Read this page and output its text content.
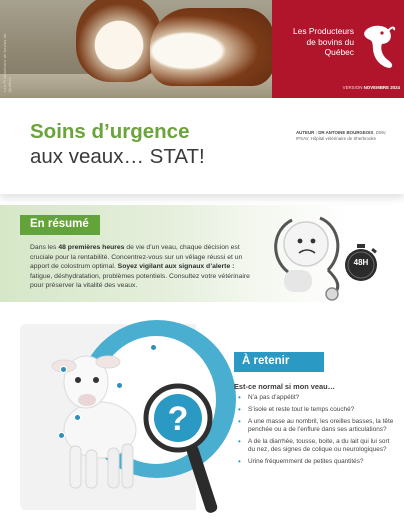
Les Producteurs de bovins du Québec
Les Producteurs de bovins du Québec
VERSION NOVEMBRE 2024
Soins d’urgence
aux veaux… STAT!
AUTEUR : DR ANTOINE BOURGEOIS, DMV, IPSAV, Hôpital vétérinaire de Sherbrooke
En résumé
Dans les 48 premières heures de vie d’un veau, chaque décision est cruciale pour la rentabilité. Concentrez-vous sur un vêlage réussi et un apport de colostrum optimal. Soyez vigilant aux signaux d’alerte : fatigue, déshydratation, problèmes potentiels. Consultez votre vétérinaire pour préserver la vitalité des veaux.
48H
?
À retenir
Est-ce normal si mon veau…
• N’a pas d’appétit?
• S’isole et reste tout le temps couché?
• A une masse au nombril, les oreilles basses, la tête penchée ou a de l’enflure dans ses articulations?
• A de la diarrhée, tousse, boite, a du lait qui lui sort du nez, des signes de colique ou neurologiques?
• Urine fréquemment de petites quantités?
